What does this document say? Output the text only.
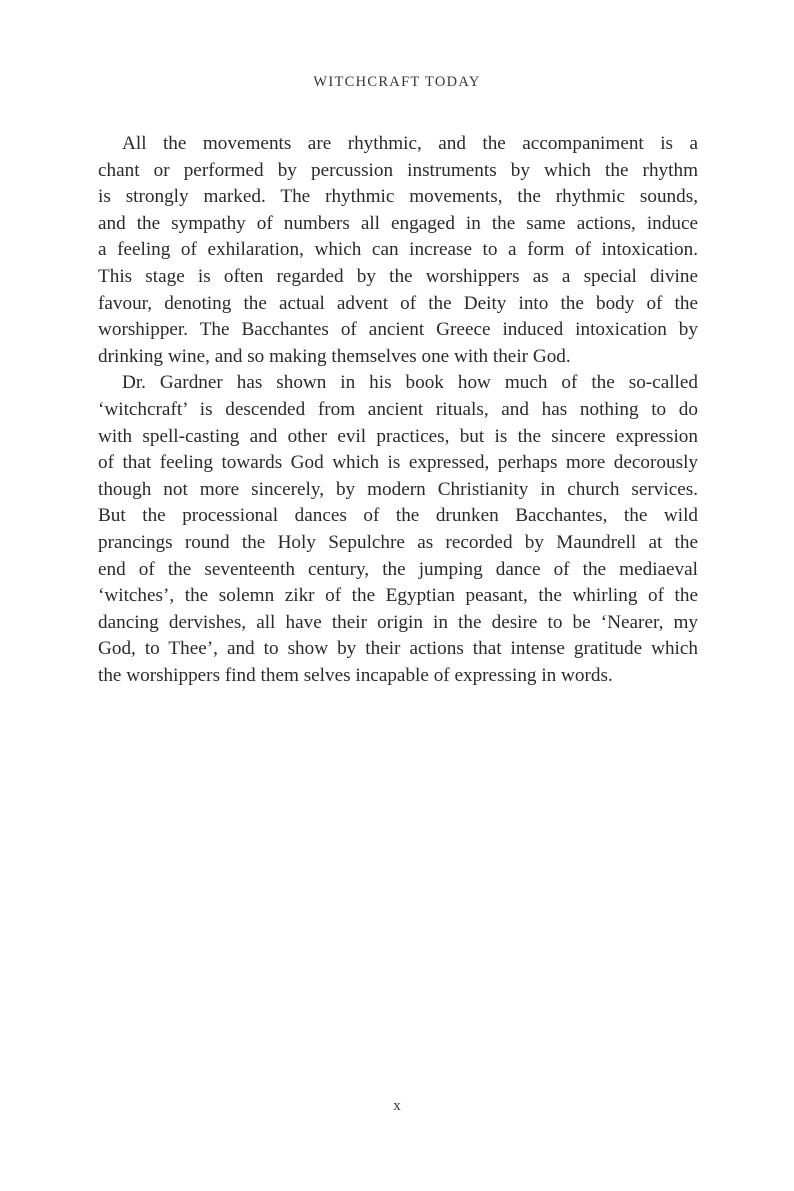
WITCHCRAFT TODAY
All the movements are rhythmic, and the accompaniment is a
chant or performed by percussion instruments by which the rhythm
is strongly marked. The rhythmic movements, the rhythmic sounds,
and the sympathy of numbers all engaged in the same actions, induce
a feeling of exhilaration, which can increase to a form of intoxication.
This stage is often regarded by the worshippers as a special divine
favour, denoting the actual advent of the Deity into the body of the
worshipper. The Bacchantes of ancient Greece induced intoxication by
drinking wine, and so making themselves one with their God.
Dr. Gardner has shown in his book how much of the so-called
‘witchcraft’ is descended from ancient rituals, and has nothing to do
with spell-casting and other evil practices, but is the sincere expression
of that feeling towards God which is expressed, perhaps more decorously
though not more sincerely, by modern Christianity in church services.
But the processional dances of the drunken Bacchantes, the wild
prancings round the Holy Sepulchre as recorded by Maundrell at the
end of the seventeenth century, the jumping dance of the mediaeval
‘witches’, the solemn zikr of the Egyptian peasant, the whirling of the
dancing dervishes, all have their origin in the desire to be ‘Nearer, my
God, to Thee’, and to show by their actions that intense gratitude which
the worshippers find them selves incapable of expressing in words.
x
